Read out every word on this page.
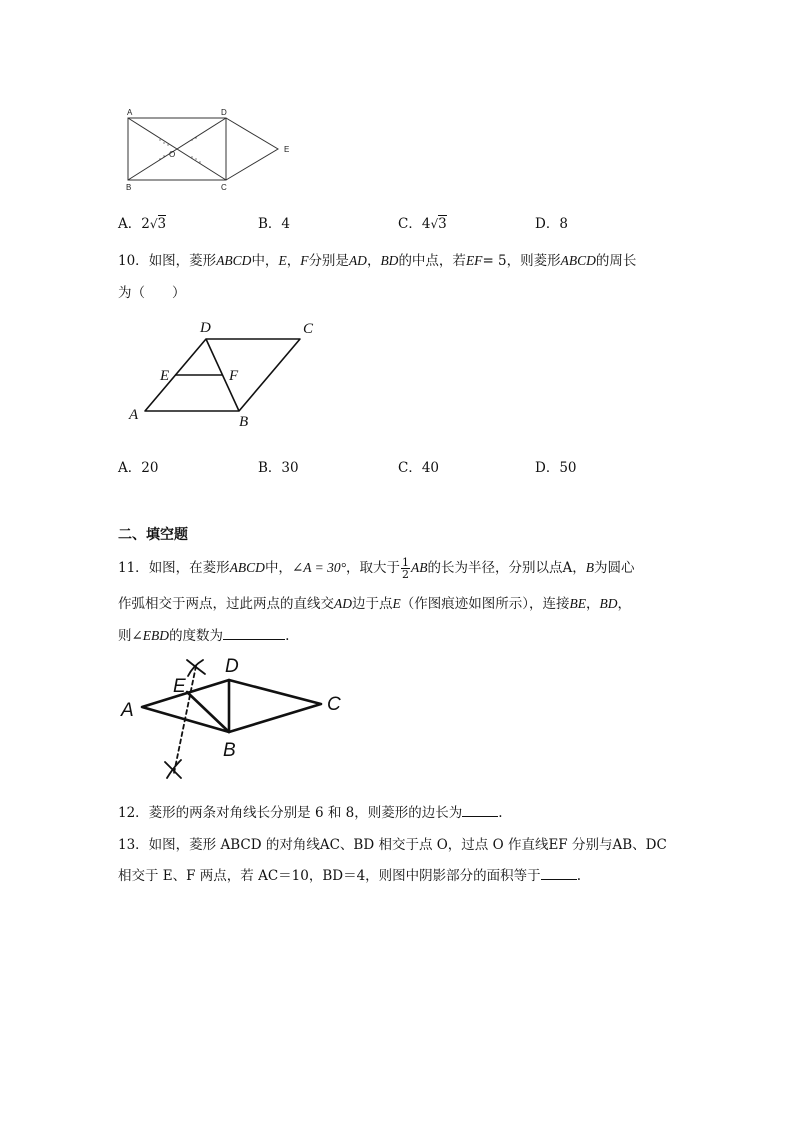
A	D
O
B	C
E
A．2√3	B．4	C．4√3	D．8
10．如图，菱形ABCD中，E，F分别是AD，BD的中点，若EF= 5，则菱形ABCD的周长
为（　　）
D	C
E	F
A	B
A．20	B．30	C．40	D．50
二、填空题
11．如图，在菱形ABCD中，∠A = 30°，取大于 $\frac{1}{2}$ AB的长为半径，分别以点A，B为圆心
作弧相交于两点，过此两点的直线交AD边于点E（作图痕迹如图所示），连接BE，BD，
则∠EBD的度数为	.
A
E
D
C
B
12．菱形的两条对角线长分别是 6 和 8，则菱形的边长为	.
13．如图，菱形 ABCD 的对角线AC、BD 相交于点 O，过点 O 作直线EF 分别与AB、DC
相交于 E、F 两点，若 AC＝10，BD＝4，则图中阴影部分的面积等于	.
